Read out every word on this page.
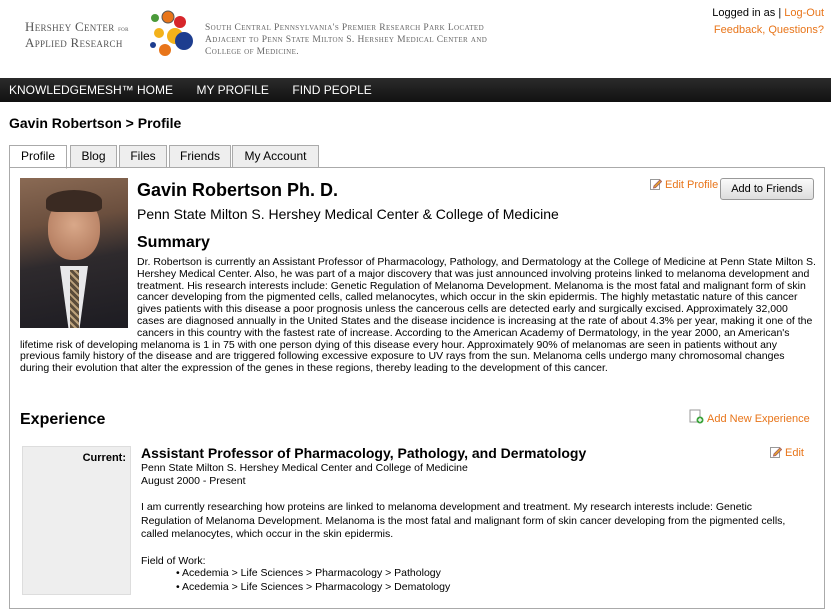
Hershey Center for
Applied Research
South Central Pennsylvania's Premier Research Park Located Adjacent to Penn State Milton S. Hershey Medical Center and College of Medicine.
Logged in as | Log-Out
Feedback, Questions?
KNOWLEDGEMESH™ HOME MY PROFILE FIND PEOPLE
Gavin Robertson > Profile
Profile	Blog	Files	Friends	My Account
Gavin Robertson Ph. D.
Penn State Milton S. Hershey Medical Center & College of Medicine
Summary
Dr. Robertson is currently an Assistant Professor of Pharmacology, Pathology, and Dermatology at the College of Medicine at Penn State Milton S. Hershey Medical Center. Also, he was part of a major discovery that was just announced involving proteins linked to melanoma development and treatment. His research interests include: Genetic Regulation of Melanoma Development. Melanoma is the most fatal and malignant form of skin cancer developing from the pigmented cells, called melanocytes, which occur in the skin epidermis. The highly metastatic nature of this cancer gives patients with this disease a poor prognosis unless the cancerous cells are detected early and surgically excised. Approximately 32,000 cases are diagnosed annually in the United States and the disease incidence is increasing at the rate of about 4.3% per year, making it one of the cancers in this country with the fastest rate of increase. According to the American Academy of Dermatology, in the year 2000, an American's lifetime risk of developing melanoma is 1 in 75 with one person dying of this disease every hour. Approximately 90% of melanomas are seen in patients without any previous family history of the disease and are triggered following excessive exposure to UV rays from the sun. Melanoma cells undergo many chromosomal changes during their evolution that alter the expression of the genes in these regions, thereby leading to the development of this cancer.
Edit Profile	Add to Friends
Experience	Add New Experience
Current: Assistant Professor of Pharmacology, Pathology, and Dermatology
Penn State Milton S. Hershey Medical Center and College of Medicine
August 2000 - Present
Edit
I am currently researching how proteins are linked to melanoma development and treatment. My research interests include: Genetic Regulation of Melanoma Development. Melanoma is the most fatal and malignant form of skin cancer developing from the pigmented cells, called melanocytes, which occur in the skin epidermis.
Field of Work:
• Acedemia > Life Sciences > Pharmacology > Pathology
• Acedemia > Life Sciences > Pharmacology > Dematology
